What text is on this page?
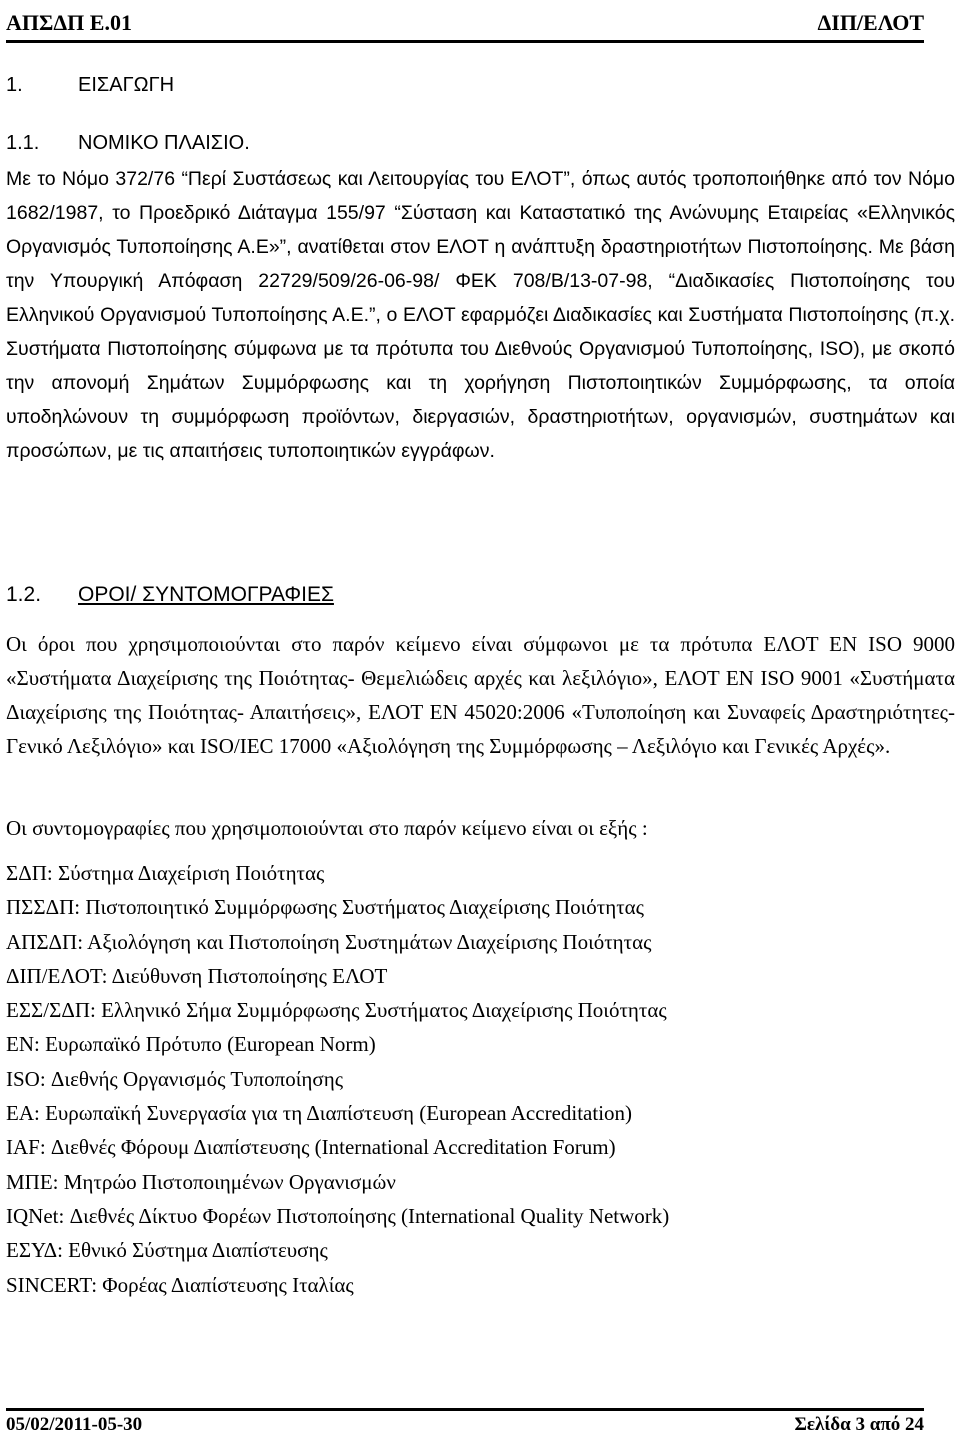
ΑΠΣΔΠ Ε.01	ΔΙΠ/ΕΛΟΤ
1.	ΕΙΣΑΓΩΓΗ
1.1. ΝΟΜΙΚΟ ΠΛΑΙΣΙΟ.

Με το Νόμο 372/76 “Περί Συστάσεως και Λειτουργίας του ΕΛΟΤ”, όπως αυτός τροποποιήθηκε από τον Νόμο 1682/1987, το Προεδρικό Διάταγμα 155/97 “Σύσταση και Καταστατικό της Ανώνυμης Εταιρείας «Ελληνικός Οργανισμός Τυποποίησης Α.Ε»”, ανατίθεται στον ΕΛΟΤ η ανάπτυξη δραστηριοτήτων Πιστοποίησης. Με βάση την Υπουργική Απόφαση 22729/509/26-06-98/ ΦΕΚ 708/Β/13-07-98, “Διαδικασίες Πιστοποίησης του Ελληνικού Οργανισμού Τυποποίησης Α.Ε.”, ο ΕΛΟΤ εφαρμόζει Διαδικασίες και Συστήματα Πιστοποίησης (π.χ. Συστήματα Πιστοποίησης σύμφωνα με τα πρότυπα του Διεθνούς Οργανισμού Τυποποίησης, ISO), με σκοπό την απονομή Σημάτων Συμμόρφωσης και τη χορήγηση Πιστοποιητικών Συμμόρφωσης, τα οποία υποδηλώνουν τη συμμόρφωση προϊόντων, διεργασιών, δραστηριοτήτων, οργανισμών, συστημάτων και προσώπων, με τις απαιτήσεις τυποποιητικών εγγράφων.

1.2. ΟΡΟΙ/ ΣΥΝΤΟΜΟΓΡΑΦΙΕΣ

Οι όροι που χρησιμοποιούνται στο παρόν κείμενο είναι σύμφωνοι με τα πρότυπα ΕΛΟΤ ΕΝ ISO 9000 «Συστήματα Διαχείρισης της Ποιότητας- Θεμελιώδεις αρχές και λεξιλόγιο», ΕΛΟΤ ΕΝ ISO 9001 «Συστήματα Διαχείρισης της Ποιότητας- Απαιτήσεις», ΕΛΟΤ ΕΝ 45020:2006 «Τυποποίηση και Συναφείς Δραστηριότητες- Γενικό Λεξιλόγιο» και ISO/IEC 17000 «Αξιολόγηση της Συμμόρφωσης – Λεξιλόγιο και Γενικές Αρχές».

Οι συντομογραφίες που χρησιμοποιούνται στο παρόν κείμενο είναι οι εξής :

ΣΔΠ: Σύστημα Διαχείριση Ποιότητας
ΠΣΣΔΠ: Πιστοποιητικό Συμμόρφωσης Συστήματος Διαχείρισης Ποιότητας
ΑΠΣΔΠ: Αξιολόγηση και Πιστοποίηση Συστημάτων Διαχείρισης Ποιότητας
ΔΙΠ/ΕΛΟΤ: Διεύθυνση Πιστοποίησης ΕΛΟΤ
ΕΣΣ/ΣΔΠ: Ελληνικό Σήμα Συμμόρφωσης Συστήματος Διαχείρισης Ποιότητας
ΕΝ: Ευρωπαϊκό Πρότυπο (European Norm)
ISO: Διεθνής Οργανισμός Τυποποίησης
ΕΑ: Ευρωπαϊκή Συνεργασία για τη Διαπίστευση (European Accreditation)
IAF: Διεθνές Φόρουμ Διαπίστευσης (International Accreditation Forum)
ΜΠΕ: Μητρώο Πιστοποιημένων Οργανισμών
IQNet: Διεθνές Δίκτυο Φορέων Πιστοποίησης (International Quality Network)
ΕΣΥΔ: Εθνικό Σύστημα Διαπίστευσης
SINCERT: Φορέας Διαπίστευσης Ιταλίας
05/02/2011-05-30	Σελίδα 3 από 24
